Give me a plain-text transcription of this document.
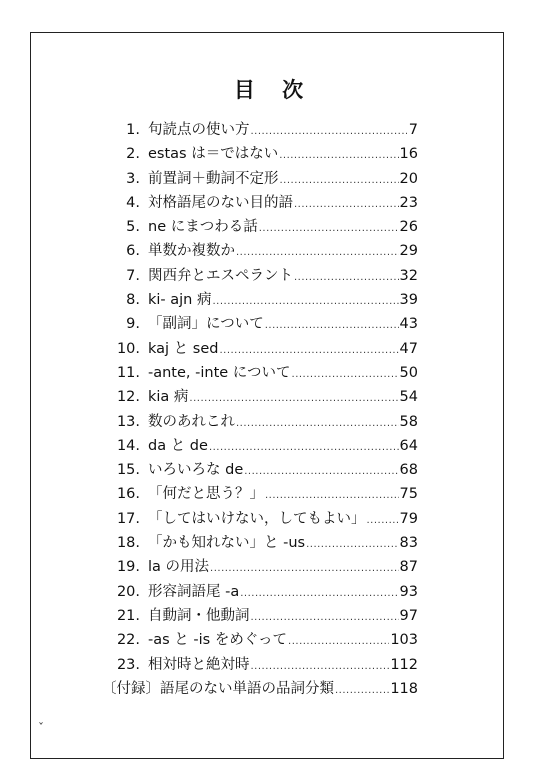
目 次
1. 句読点の使い方 .....	7
2. estas は＝ではない .....	16
3. 前置詞＋動詞不定形 .....	20
4. 対格語尾のない目的語 .....	23
5. ne にまつわる話 .....	26
6. 単数か複数か .....	29
7. 関西弁とエスペラント .....	32
8. ki- ajn 病 .....	39
9. 「副詞」について .....	43
10. kaj と sed .....	47
11. -ante, -inte について .....	50
12. kia 病 .....	54
13. 数のあれこれ .....	58
14. da と de .....	64
15. いろいろな de .....	68
16. 「何だと思う？」 .....	75
17. 「してはいけない，してもよい」 ..... 79
18. 「かも知れない」と -us .....	83
19. la の用法 .....	87
20. 形容詞語尾 -a .....	93
21. 自動詞・他動詞 .....	97
22. -as と -is をめぐって .....	103
23. 相対時と絶対時 .....	112
〔付録〕語尾のない単語の品詞分類 .....	118
ˇ
